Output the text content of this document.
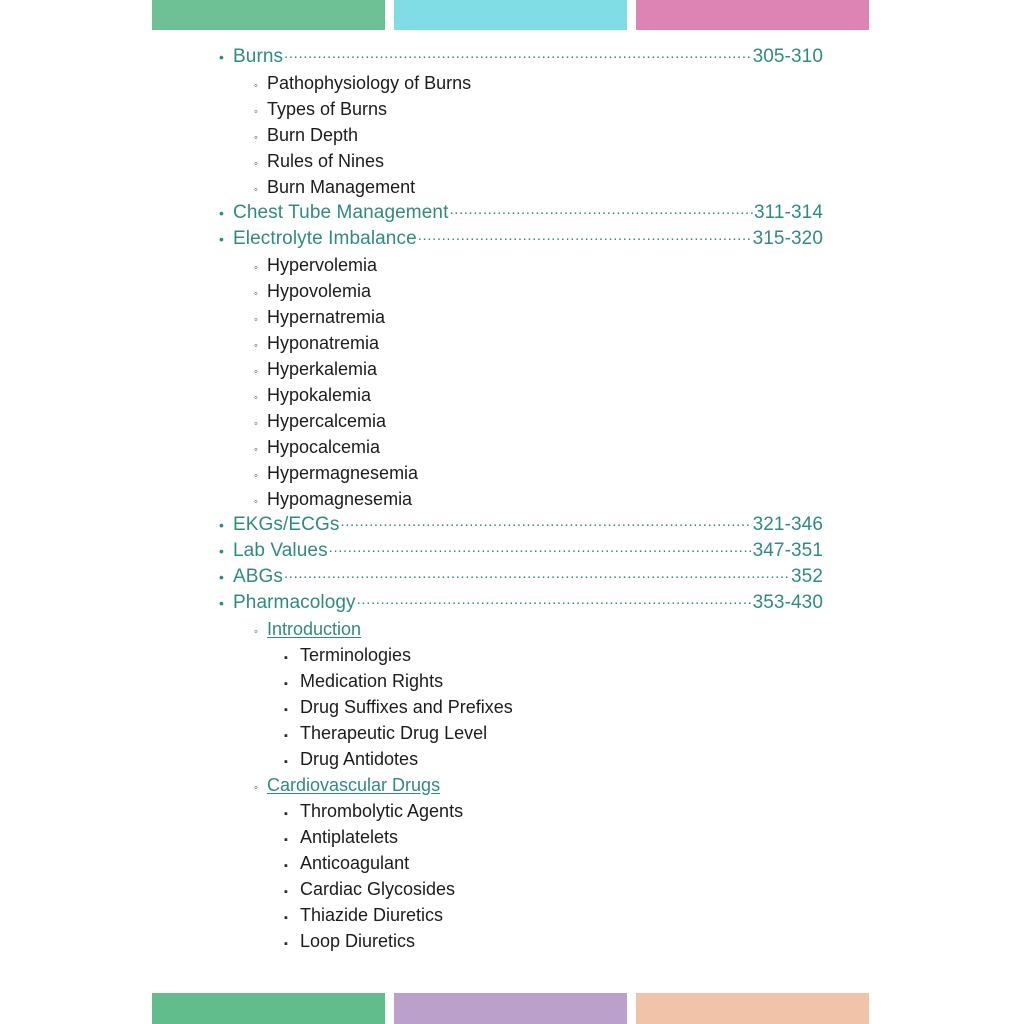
• Burns .....	305-310
◦ Pathophysiology of Burns
◦ Types of Burns
◦ Burn Depth
◦ Rules of Nines
◦ Burn Management
• Chest Tube Management .....	311-314
• Electrolyte Imbalance .....	315-320
◦ Hypervolemia
◦ Hypovolemia
◦ Hypernatremia
◦ Hyponatremia
◦ Hyperkalemia
◦ Hypokalemia
◦ Hypercalcemia
◦ Hypocalcemia
◦ Hypermagnesemia
◦ Hypomagnesemia
• EKGs/ECGs .....	321-346
• Lab Values .....	347-351
• ABGs .....	352
• Pharmacology .....	353-430
◦ Introduction
▪ Terminologies
▪ Medication Rights
▪ Drug Suffixes and Prefixes
▪ Therapeutic Drug Level
▪ Drug Antidotes
◦ Cardiovascular Drugs
▪ Thrombolytic Agents
▪ Antiplatelets
▪ Anticoagulant
▪ Cardiac Glycosides
▪ Thiazide Diuretics
▪ Loop Diuretics
